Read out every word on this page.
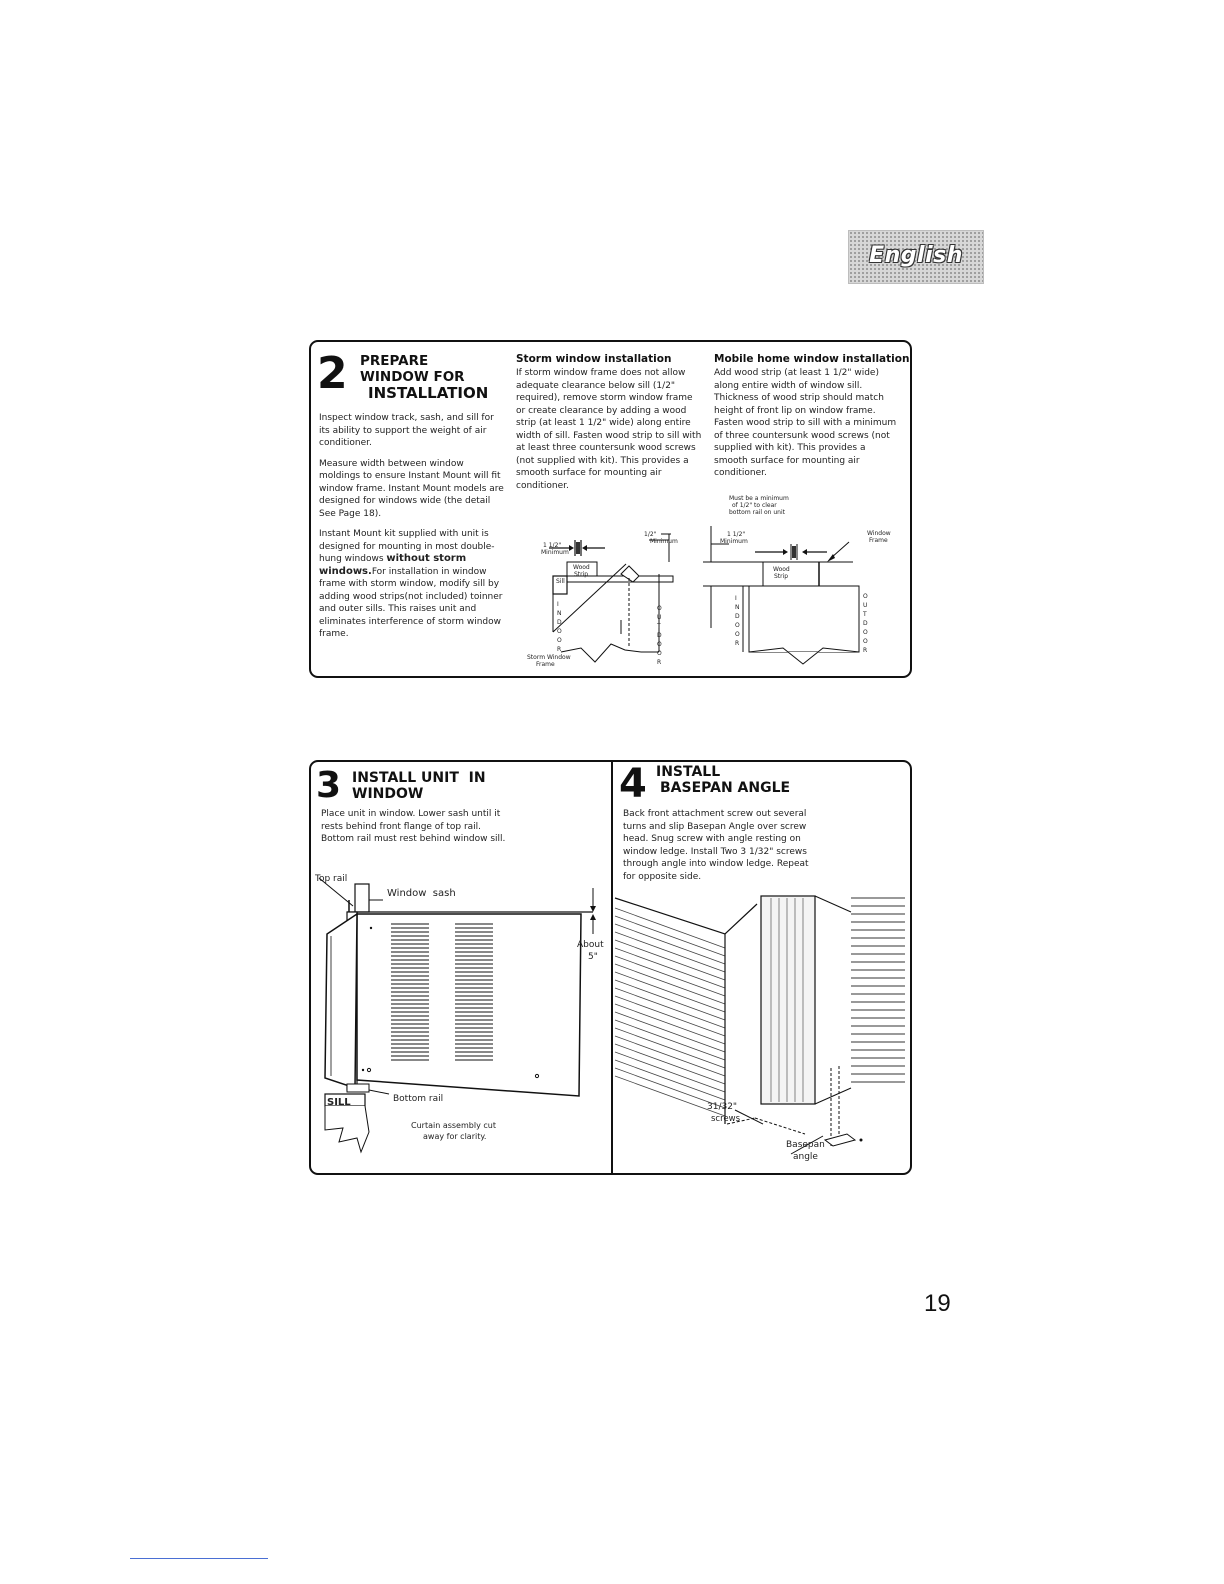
English
2 PREPARE
WINDOW FOR
INSTALLATION

Inspect window track, sash, and sill for its ability to support the weight of air conditioner.

Measure width between window moldings to ensure Instant Mount will fit window frame. Instant Mount models are designed for windows wide (the detail See Page 18).

Instant Mount kit supplied with unit is designed for mounting in most double-hung windows without storm windows.For installation in window frame with storm window, modify sill by adding wood strips(not included) toinner and outer sills. This raises unit and eliminates interference of storm window frame.

Storm window installation
If storm window frame does not allow adequate clearance below sill (1/2" required), remove storm window frame or create clearance by adding a wood strip (at least 1 1/2" wide) along entire width of sill. Fasten wood strip to sill with at least three countersunk wood screws (not supplied with kit). This provides a smooth surface for mounting air conditioner.
Mobile home window installation
Add wood strip (at least 1 1/2" wide) along entire width of window sill. Thickness of wood strip should match height of front lip on window frame. Fasten wood strip to sill with a minimum of three countersunk wood screws (not supplied with kit). This provides a smooth surface for mounting air conditioner.
1/2"
Minimum
1 1/2"
Minimum
Wood
Strip
Sill
I N D O O R
O U T D O O R
Storm Window
Frame
Must be a minimum
of 1/2" to clear
bottom rail on unit
1 1/2"
Minimum
Window
Frame
Wood
Strip
I N D O O R
O U T D O O R
3 INSTALL UNIT  IN
WINDOW
Place unit in window. Lower sash until it rests behind front flange of top rail. Bottom rail must rest behind window sill.
Top rail
Window  sash
About
5"
SILL	Bottom rail
Curtain assembly cut
away for clarity.
4 INSTALL
BASEPAN ANGLE
Back front attachment screw out several turns and slip Basepan Angle over screw head. Snug screw with angle resting on window ledge. Install Two 3 1/32" screws through angle into window ledge. Repeat for opposite side.
31/32"
screws
Basepan
angle
19
